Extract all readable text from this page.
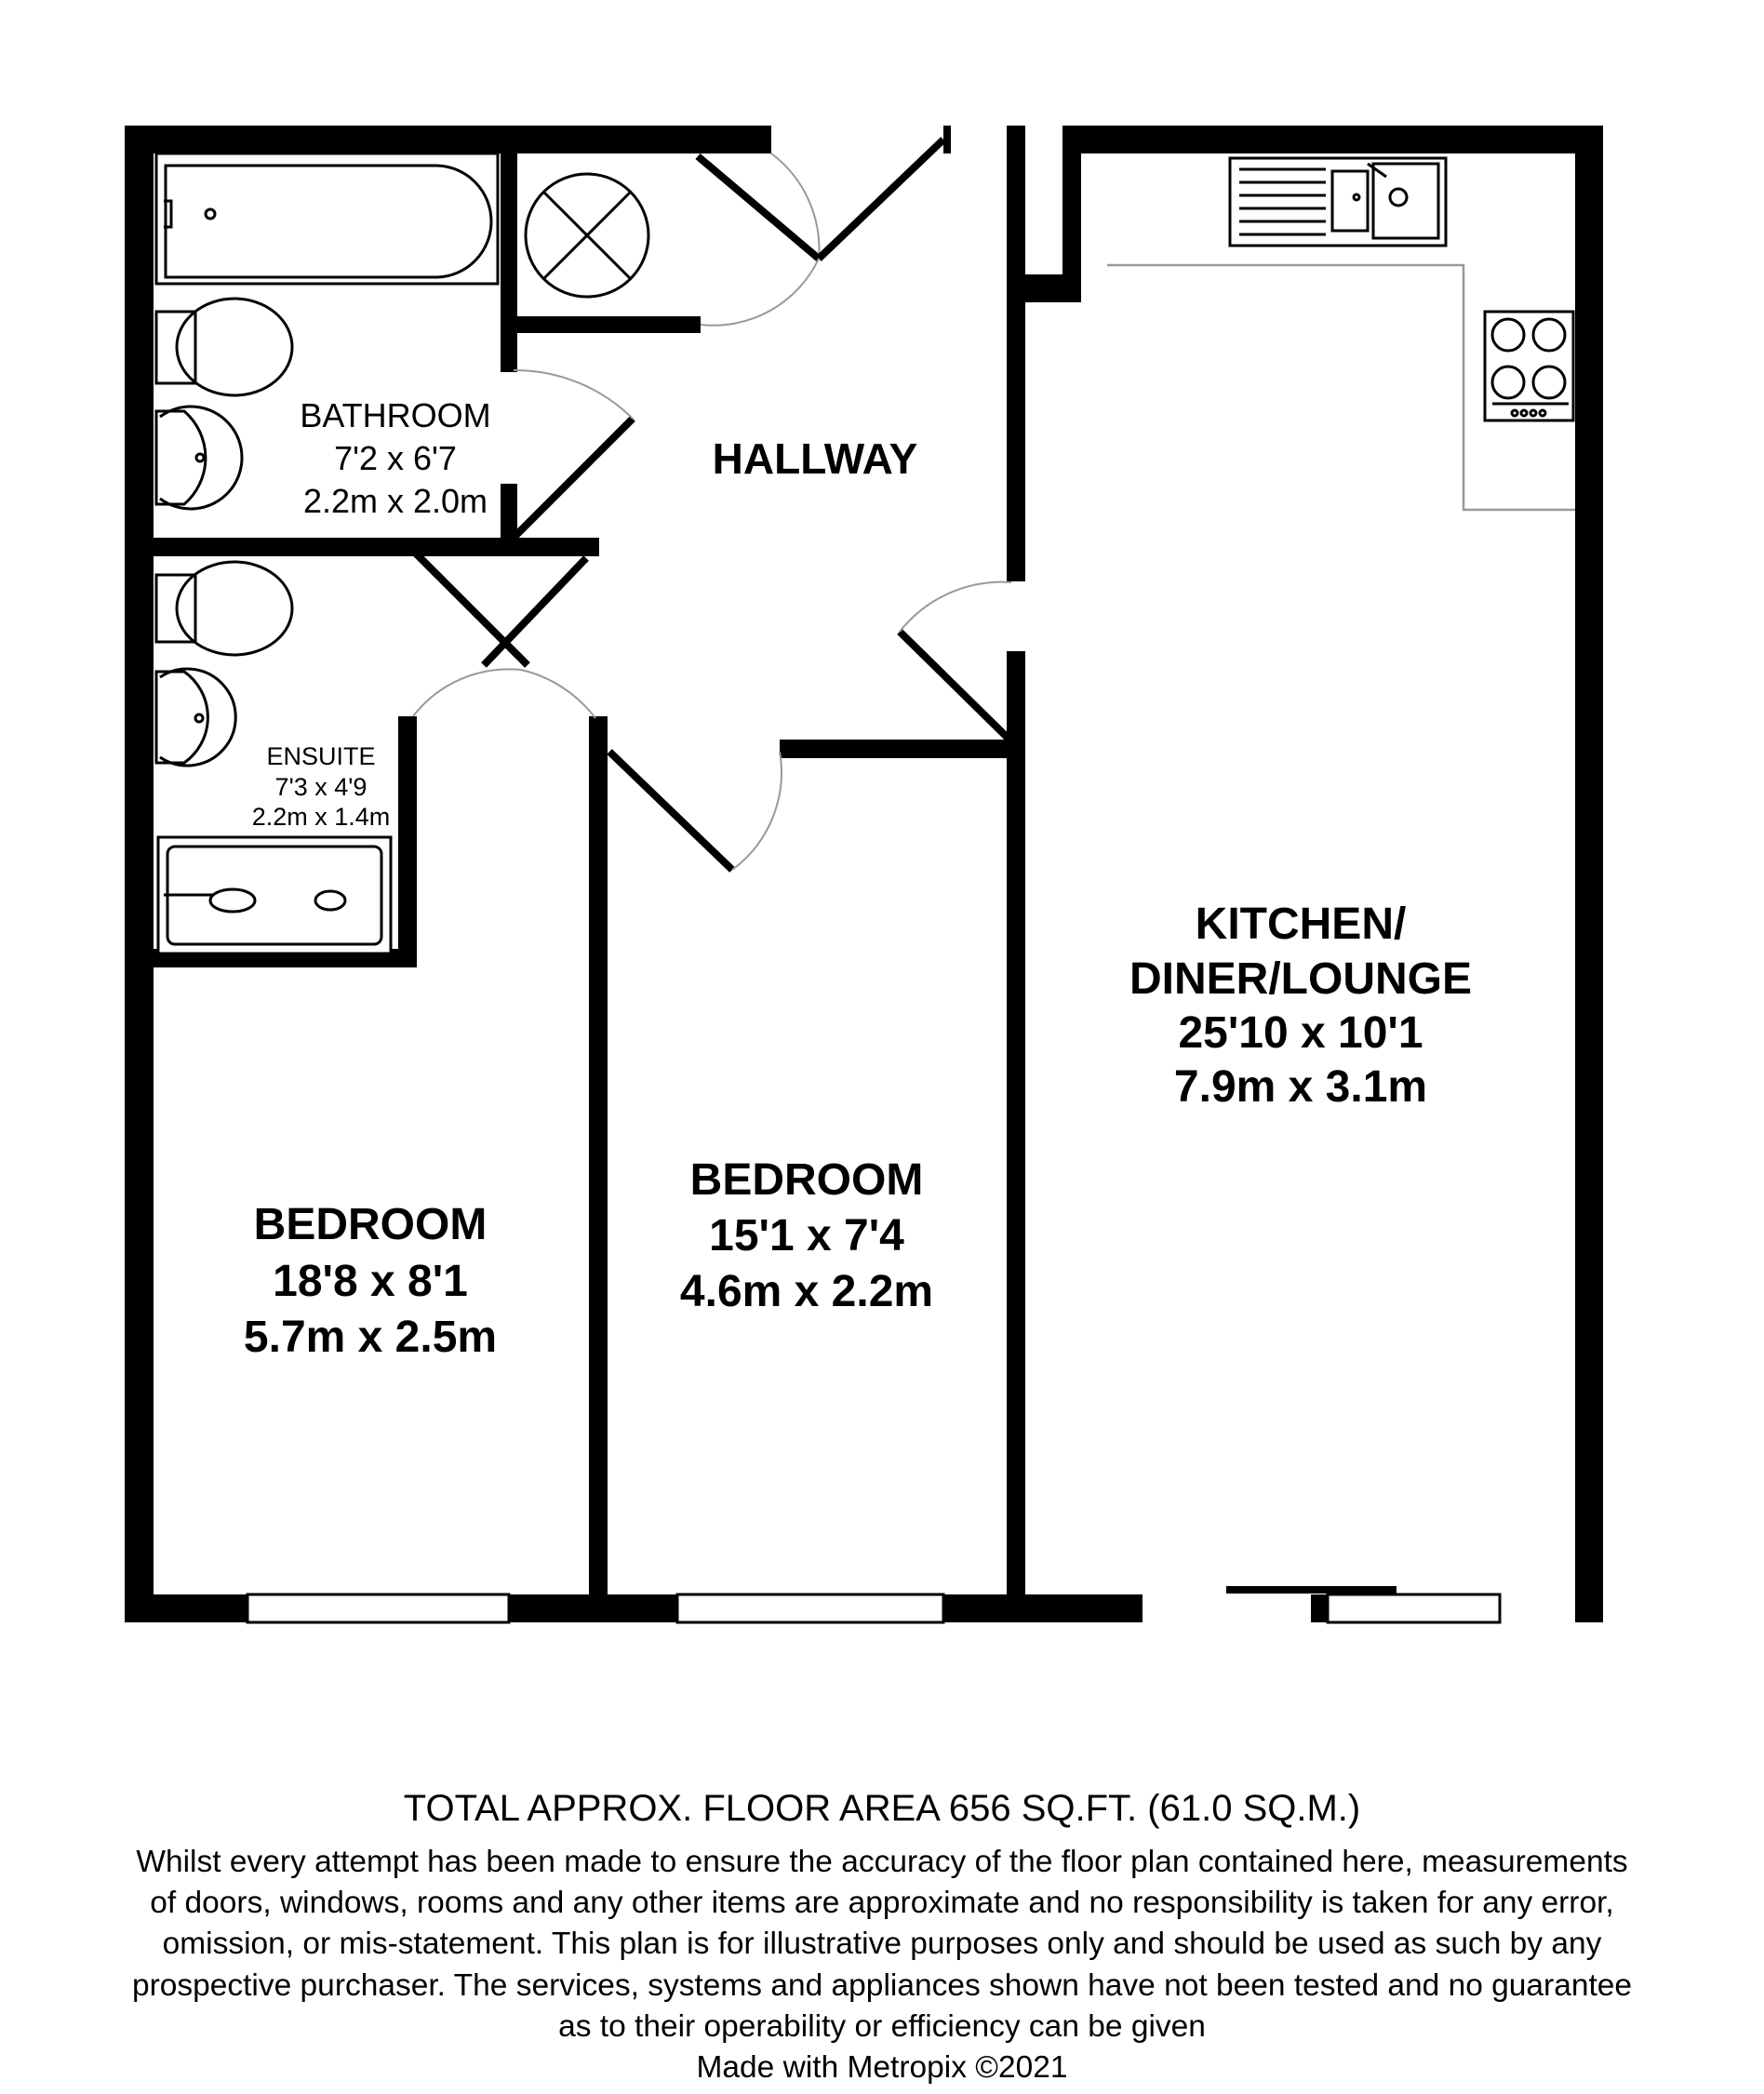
BATHROOM
7'2 x 6'7
2.2m x 2.0m
HALLWAY
ENSUITE
7'3 x 4'9
2.2m x 1.4m
BEDROOM
18'8 x 8'1
5.7m x 2.5m
BEDROOM
15'1 x 7'4
4.6m x 2.2m
KITCHEN/
DINER/LOUNGE
25'10 x 10'1
7.9m x 3.1m
TOTAL APPROX. FLOOR AREA 656 SQ.FT. (61.0 SQ.M.)
Whilst every attempt has been made to ensure the accuracy of the floor plan contained here, measurements
of doors, windows, rooms and any other items are approximate and no responsibility is taken for any error,
omission, or mis-statement. This plan is for illustrative purposes only and should be used as such by any
prospective purchaser. The services, systems and appliances shown have not been tested and no guarantee
as to their operability or efficiency can be given
Made with Metropix ©2021
